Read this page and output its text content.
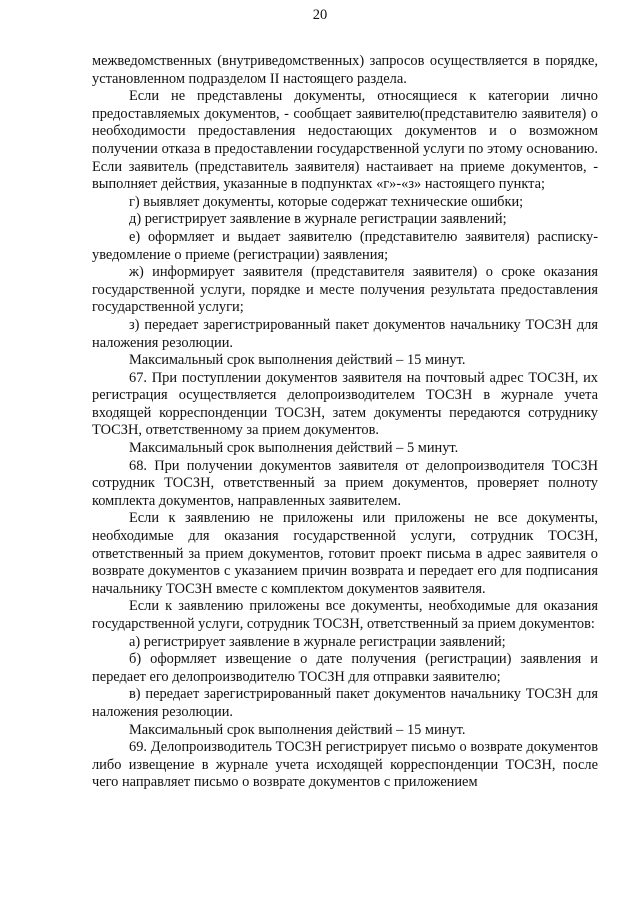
20

межведомственных (внутриведомственных) запросов осуществляется в порядке, установленном подразделом II настоящего раздела.

Если не представлены документы, относящиеся к категории лично предоставляемых документов, - сообщает заявителю(представителю заявителя) о необходимости предоставления недостающих документов и о возможном получении отказа в предоставлении государственной услуги по этому основанию. Если заявитель (представитель заявителя) настаивает на приеме документов, - выполняет действия, указанные в подпунктах «г»-«з» настоящего пункта;

г) выявляет документы, которые содержат технические ошибки;

д) регистрирует заявление в журнале регистрации заявлений;

е) оформляет и выдает заявителю (представителю заявителя) расписку-уведомление о приеме (регистрации) заявления;

ж) информирует заявителя (представителя заявителя) о сроке оказания государственной услуги, порядке и месте получения результата предоставления государственной услуги;

з) передает зарегистрированный пакет документов начальнику ТОСЗН для наложения резолюции.

Максимальный срок выполнения действий – 15 минут.

67. При поступлении документов заявителя на почтовый адрес ТОСЗН, их регистрация осуществляется делопроизводителем ТОСЗН в журнале учета входящей корреспонденции ТОСЗН, затем документы передаются сотруднику ТОСЗН, ответственному за прием документов.

Максимальный срок выполнения действий – 5 минут.

68. При получении документов заявителя от делопроизводителя ТОСЗН сотрудник ТОСЗН, ответственный за прием документов, проверяет полноту комплекта документов, направленных заявителем.

Если к заявлению не приложены или приложены не все документы, необходимые для оказания государственной услуги, сотрудник ТОСЗН, ответственный за прием документов, готовит проект письма в адрес заявителя о возврате документов с указанием причин возврата и передает его для подписания начальнику ТОСЗН вместе с комплектом документов заявителя.

Если к заявлению приложены все документы, необходимые для оказания государственной услуги, сотрудник ТОСЗН, ответственный за прием документов:

а) регистрирует заявление в журнале регистрации заявлений;

б) оформляет извещение о дате получения (регистрации) заявления и передает его делопроизводителю ТОСЗН для отправки заявителю;

в) передает зарегистрированный пакет документов начальнику ТОСЗН для наложения резолюции.

Максимальный срок выполнения действий – 15 минут.

69. Делопроизводитель ТОСЗН регистрирует письмо о возврате документов либо извещение в журнале учета исходящей корреспонденции ТОСЗН, после чего направляет письмо о возврате документов с приложением
